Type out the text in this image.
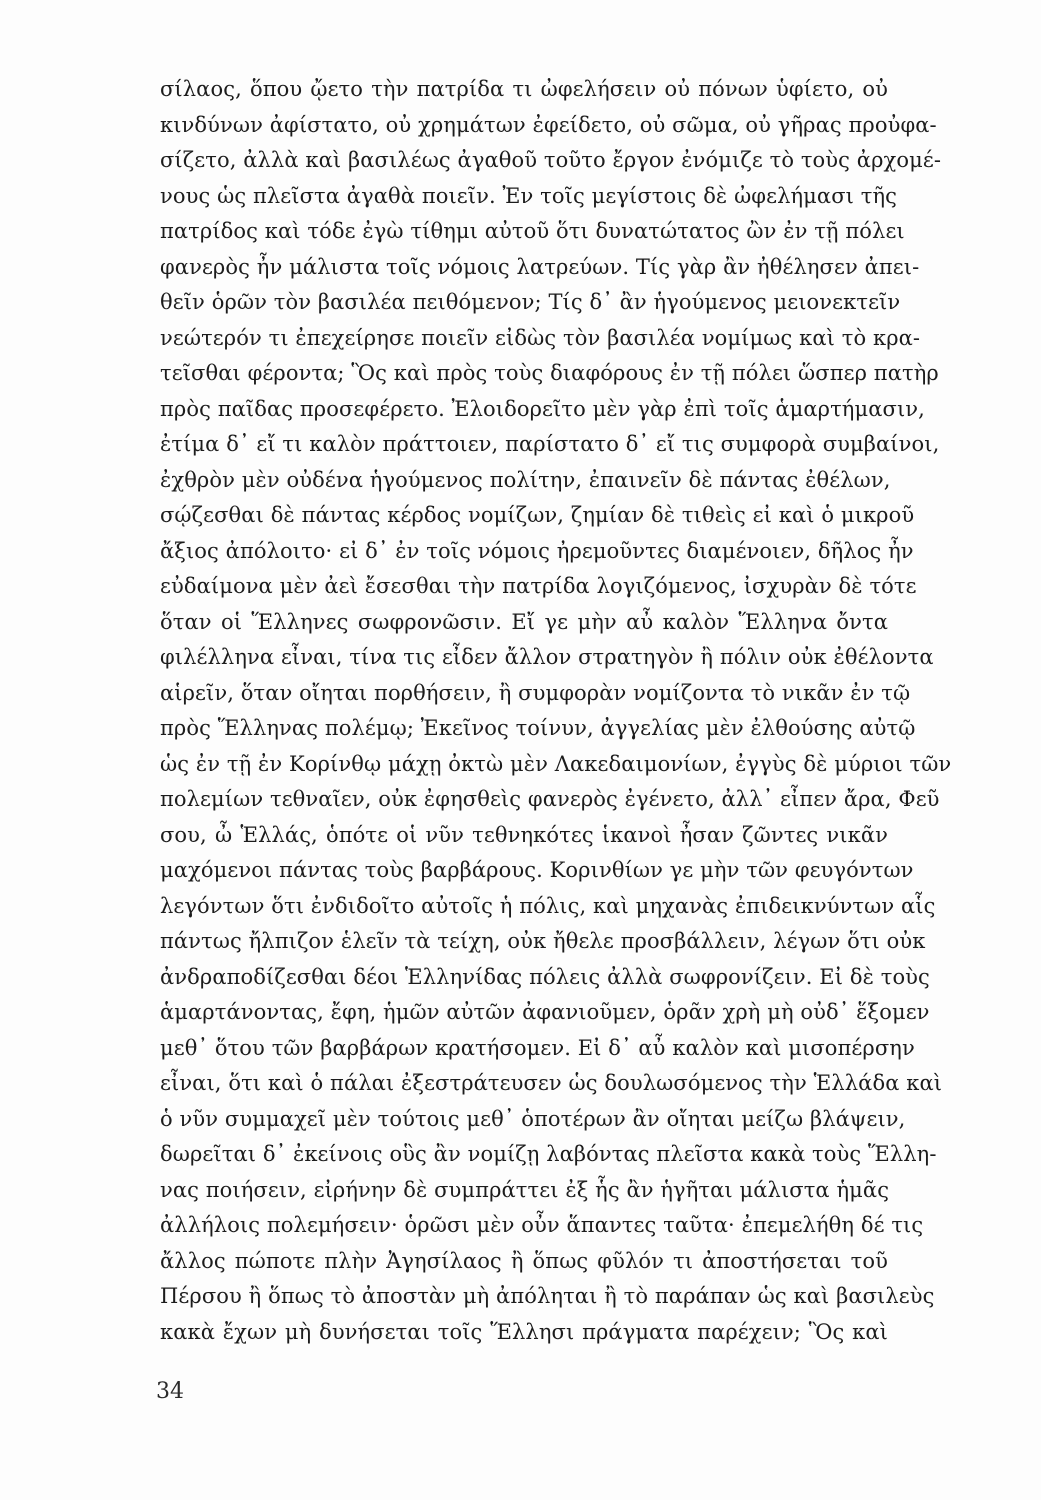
σίλαος, ὅπου ᾤετο τὴν πατρίδα τι ὠφελήσειν οὐ πόνων ὑφίετο, οὐ
κινδύνων ἀφίστατο, οὐ χρημάτων ἐφείδετο, οὐ σῶμα, οὐ γῆρας προὐφα-
σίζετο, ἀλλὰ καὶ βασιλέως ἀγαθοῦ τοῦτο ἔργον ἐνόμιζε τὸ τοὺς ἀρχομέ-
νους ὡς πλεῖστα ἀγαθὰ ποιεῖν. Ἐν τοῖς μεγίστοις δὲ ὠφελήμασι τῆς
πατρίδος καὶ τόδε ἐγὼ τίθημι αὐτοῦ ὅτι δυνατώτατος ὢν ἐν τῇ πόλει
φανερὸς ἦν μάλιστα τοῖς νόμοις λατρεύων. Τίς γὰρ ἂν ἠθέλησεν ἀπει-
θεῖν ὁρῶν τὸν βασιλέα πειθόμενον; Τίς δ᾽ ἂν ἡγούμενος μειονεκτεῖν
νεώτερόν τι ἐπεχείρησε ποιεῖν εἰδὼς τὸν βασιλέα νομίμως καὶ τὸ κρα-
τεῖσθαι φέροντα; Ὃς καὶ πρὸς τοὺς διαφόρους ἐν τῇ πόλει ὥσπερ πατὴρ
πρὸς παῖδας προσεφέρετο. Ἐλοιδορεῖτο μὲν γὰρ ἐπὶ τοῖς ἁμαρτήμασιν,
ἐτίμα δ᾽ εἴ τι καλὸν πράττοιεν, παρίστατο δ᾽ εἴ τις συμφορὰ συμβαίνοι,
ἐχθρὸν μὲν οὐδένα ἡγούμενος πολίτην, ἐπαινεῖν δὲ πάντας ἐθέλων,
σῴζεσθαι δὲ πάντας κέρδος νομίζων, ζημίαν δὲ τιθεὶς εἰ καὶ ὁ μικροῦ
ἄξιος ἀπόλοιτο· εἰ δ᾽ ἐν τοῖς νόμοις ἠρεμοῦντες διαμένοιεν, δῆλος ἦν
εὐδαίμονα μὲν ἀεὶ ἔσεσθαι τὴν πατρίδα λογιζόμενος, ἰσχυρὰν δὲ τότε
ὅταν οἱ Ἕλληνες σωφρονῶσιν. Εἴ γε μὴν αὖ καλὸν Ἕλληνα ὄντα
φιλέλληνα εἶναι, τίνα τις εἶδεν ἄλλον στρατηγὸν ἢ πόλιν οὐκ ἐθέλοντα
αἱρεῖν, ὅταν οἴηται πορθήσειν, ἢ συμφορὰν νομίζοντα τὸ νικᾶν ἐν τῷ
πρὸς Ἕλληνας πολέμῳ; Ἐκεῖνος τοίνυν, ἀγγελίας μὲν ἐλθούσης αὐτῷ
ὡς ἐν τῇ ἐν Κορίνθῳ μάχῃ ὀκτὼ μὲν Λακεδαιμονίων, ἐγγὺς δὲ μύριοι τῶν
πολεμίων τεθναῖεν, οὐκ ἐφησθεὶς φανερὸς ἐγένετο, ἀλλ᾽ εἶπεν ἄρα, Φεῦ
σου, ὦ Ἑλλάς, ὁπότε οἱ νῦν τεθνηκότες ἱκανοὶ ἦσαν ζῶντες νικᾶν
μαχόμενοι πάντας τοὺς βαρβάρους. Κορινθίων γε μὴν τῶν φευγόντων
λεγόντων ὅτι ἐνδιδοῖτο αὐτοῖς ἡ πόλις, καὶ μηχανὰς ἐπιδεικνύντων αἷς
πάντως ἤλπιζον ἑλεῖν τὰ τείχη, οὐκ ἤθελε προσβάλλειν, λέγων ὅτι οὐκ
ἀνδραποδίζεσθαι δέοι Ἑλληνίδας πόλεις ἀλλὰ σωφρονίζειν. Εἰ δὲ τοὺς
ἁμαρτάνοντας, ἔφη, ἡμῶν αὐτῶν ἀφανιοῦμεν, ὁρᾶν χρὴ μὴ οὐδ᾽ ἕξομεν
μεθ᾽ ὅτου τῶν βαρβάρων κρατήσομεν. Εἰ δ᾽ αὖ καλὸν καὶ μισοπέρσην
εἶναι, ὅτι καὶ ὁ πάλαι ἐξεστράτευσεν ὡς δουλωσόμενος τὴν Ἑλλάδα καὶ
ὁ νῦν συμμαχεῖ μὲν τούτοις μεθ᾽ ὁποτέρων ἂν οἴηται μείζω βλάψειν,
δωρεῖται δ᾽ ἐκείνοις οὓς ἂν νομίζῃ λαβόντας πλεῖστα κακὰ τοὺς Ἕλλη-
νας ποιήσειν, εἰρήνην δὲ συμπράττει ἐξ ἧς ἂν ἡγῆται μάλιστα ἡμᾶς
ἀλλήλοις πολεμήσειν· ὁρῶσι μὲν οὖν ἅπαντες ταῦτα· ἐπεμελήθη δέ τις
ἄλλος πώποτε πλὴν Ἀγησίλαος ἢ ὅπως φῦλόν τι ἀποστήσεται τοῦ
Πέρσου ἢ ὅπως τὸ ἀποστὰν μὴ ἀπόληται ἢ τὸ παράπαν ὡς καὶ βασιλεὺς
κακὰ ἔχων μὴ δυνήσεται τοῖς Ἕλλησι πράγματα παρέχειν; Ὃς καὶ
34
